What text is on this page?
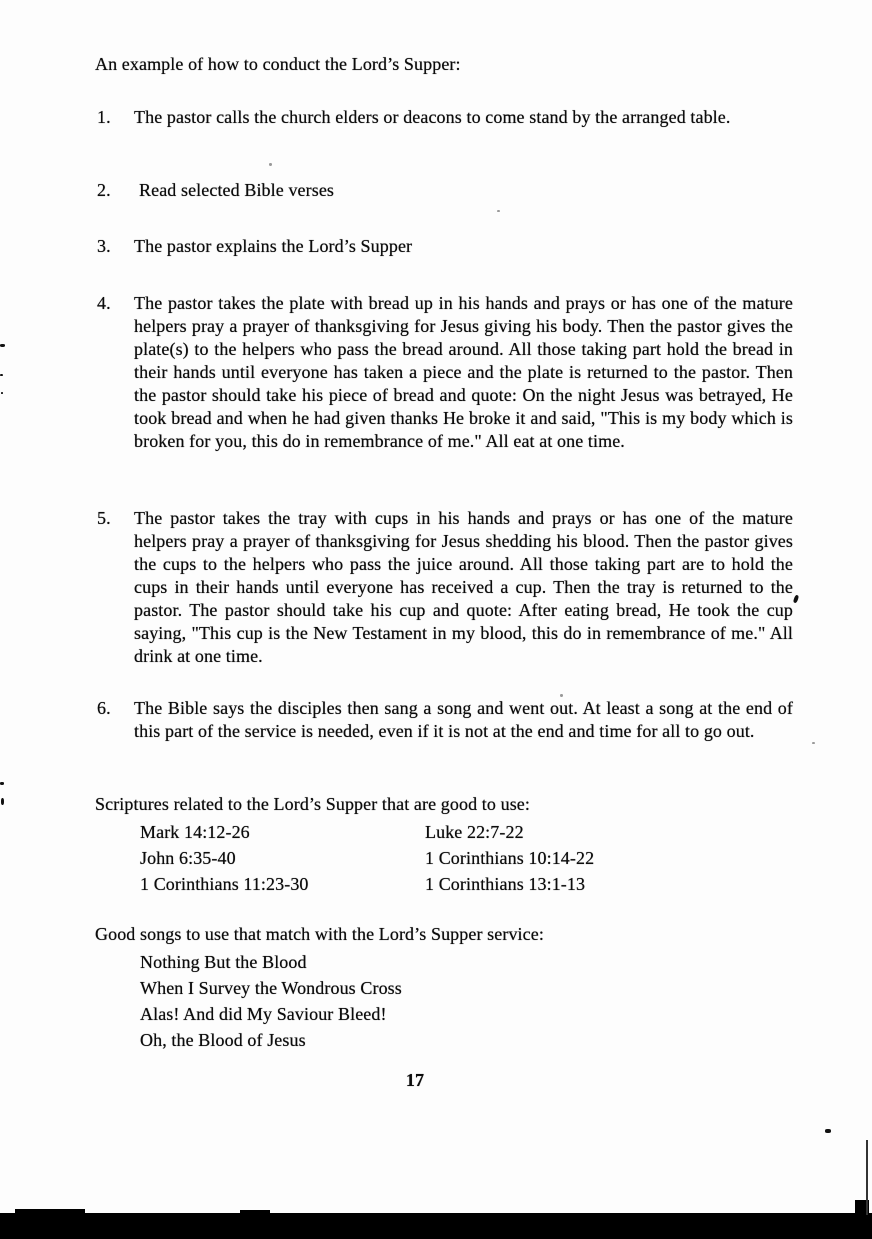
An example of how to conduct the Lord’s Supper:
1. The pastor calls the church elders or deacons to come stand by the arranged table.
2. Read selected Bible verses
3. The pastor explains the Lord’s Supper
4. The pastor takes the plate with bread up in his hands and prays or has one of the mature helpers pray a prayer of thanksgiving for Jesus giving his body. Then the pastor gives the plate(s) to the helpers who pass the bread around. All those taking part hold the bread in their hands until everyone has taken a piece and the plate is returned to the pastor. Then the pastor should take his piece of bread and quote: On the night Jesus was betrayed, He took bread and when he had given thanks He broke it and said, "This is my body which is broken for you, this do in remembrance of me." All eat at one time.
5. The pastor takes the tray with cups in his hands and prays or has one of the mature helpers pray a prayer of thanksgiving for Jesus shedding his blood. Then the pastor gives the cups to the helpers who pass the juice around. All those taking part are to hold the cups in their hands until everyone has received a cup. Then the tray is returned to the pastor. The pastor should take his cup and quote: After eating bread, He took the cup saying, "This cup is the New Testament in my blood, this do in remembrance of me." All drink at one time.
6. The Bible says the disciples then sang a song and went out. At least a song at the end of this part of the service is needed, even if it is not at the end and time for all to go out.
Scriptures related to the Lord’s Supper that are good to use:
Mark 14:12-26
John 6:35-40
1 Corinthians 11:23-30
Luke 22:7-22
1 Corinthians 10:14-22
1 Corinthians 13:1-13
Good songs to use that match with the Lord’s Supper service:
Nothing But the Blood
When I Survey the Wondrous Cross
Alas! And did My Saviour Bleed!
Oh, the Blood of Jesus
17
